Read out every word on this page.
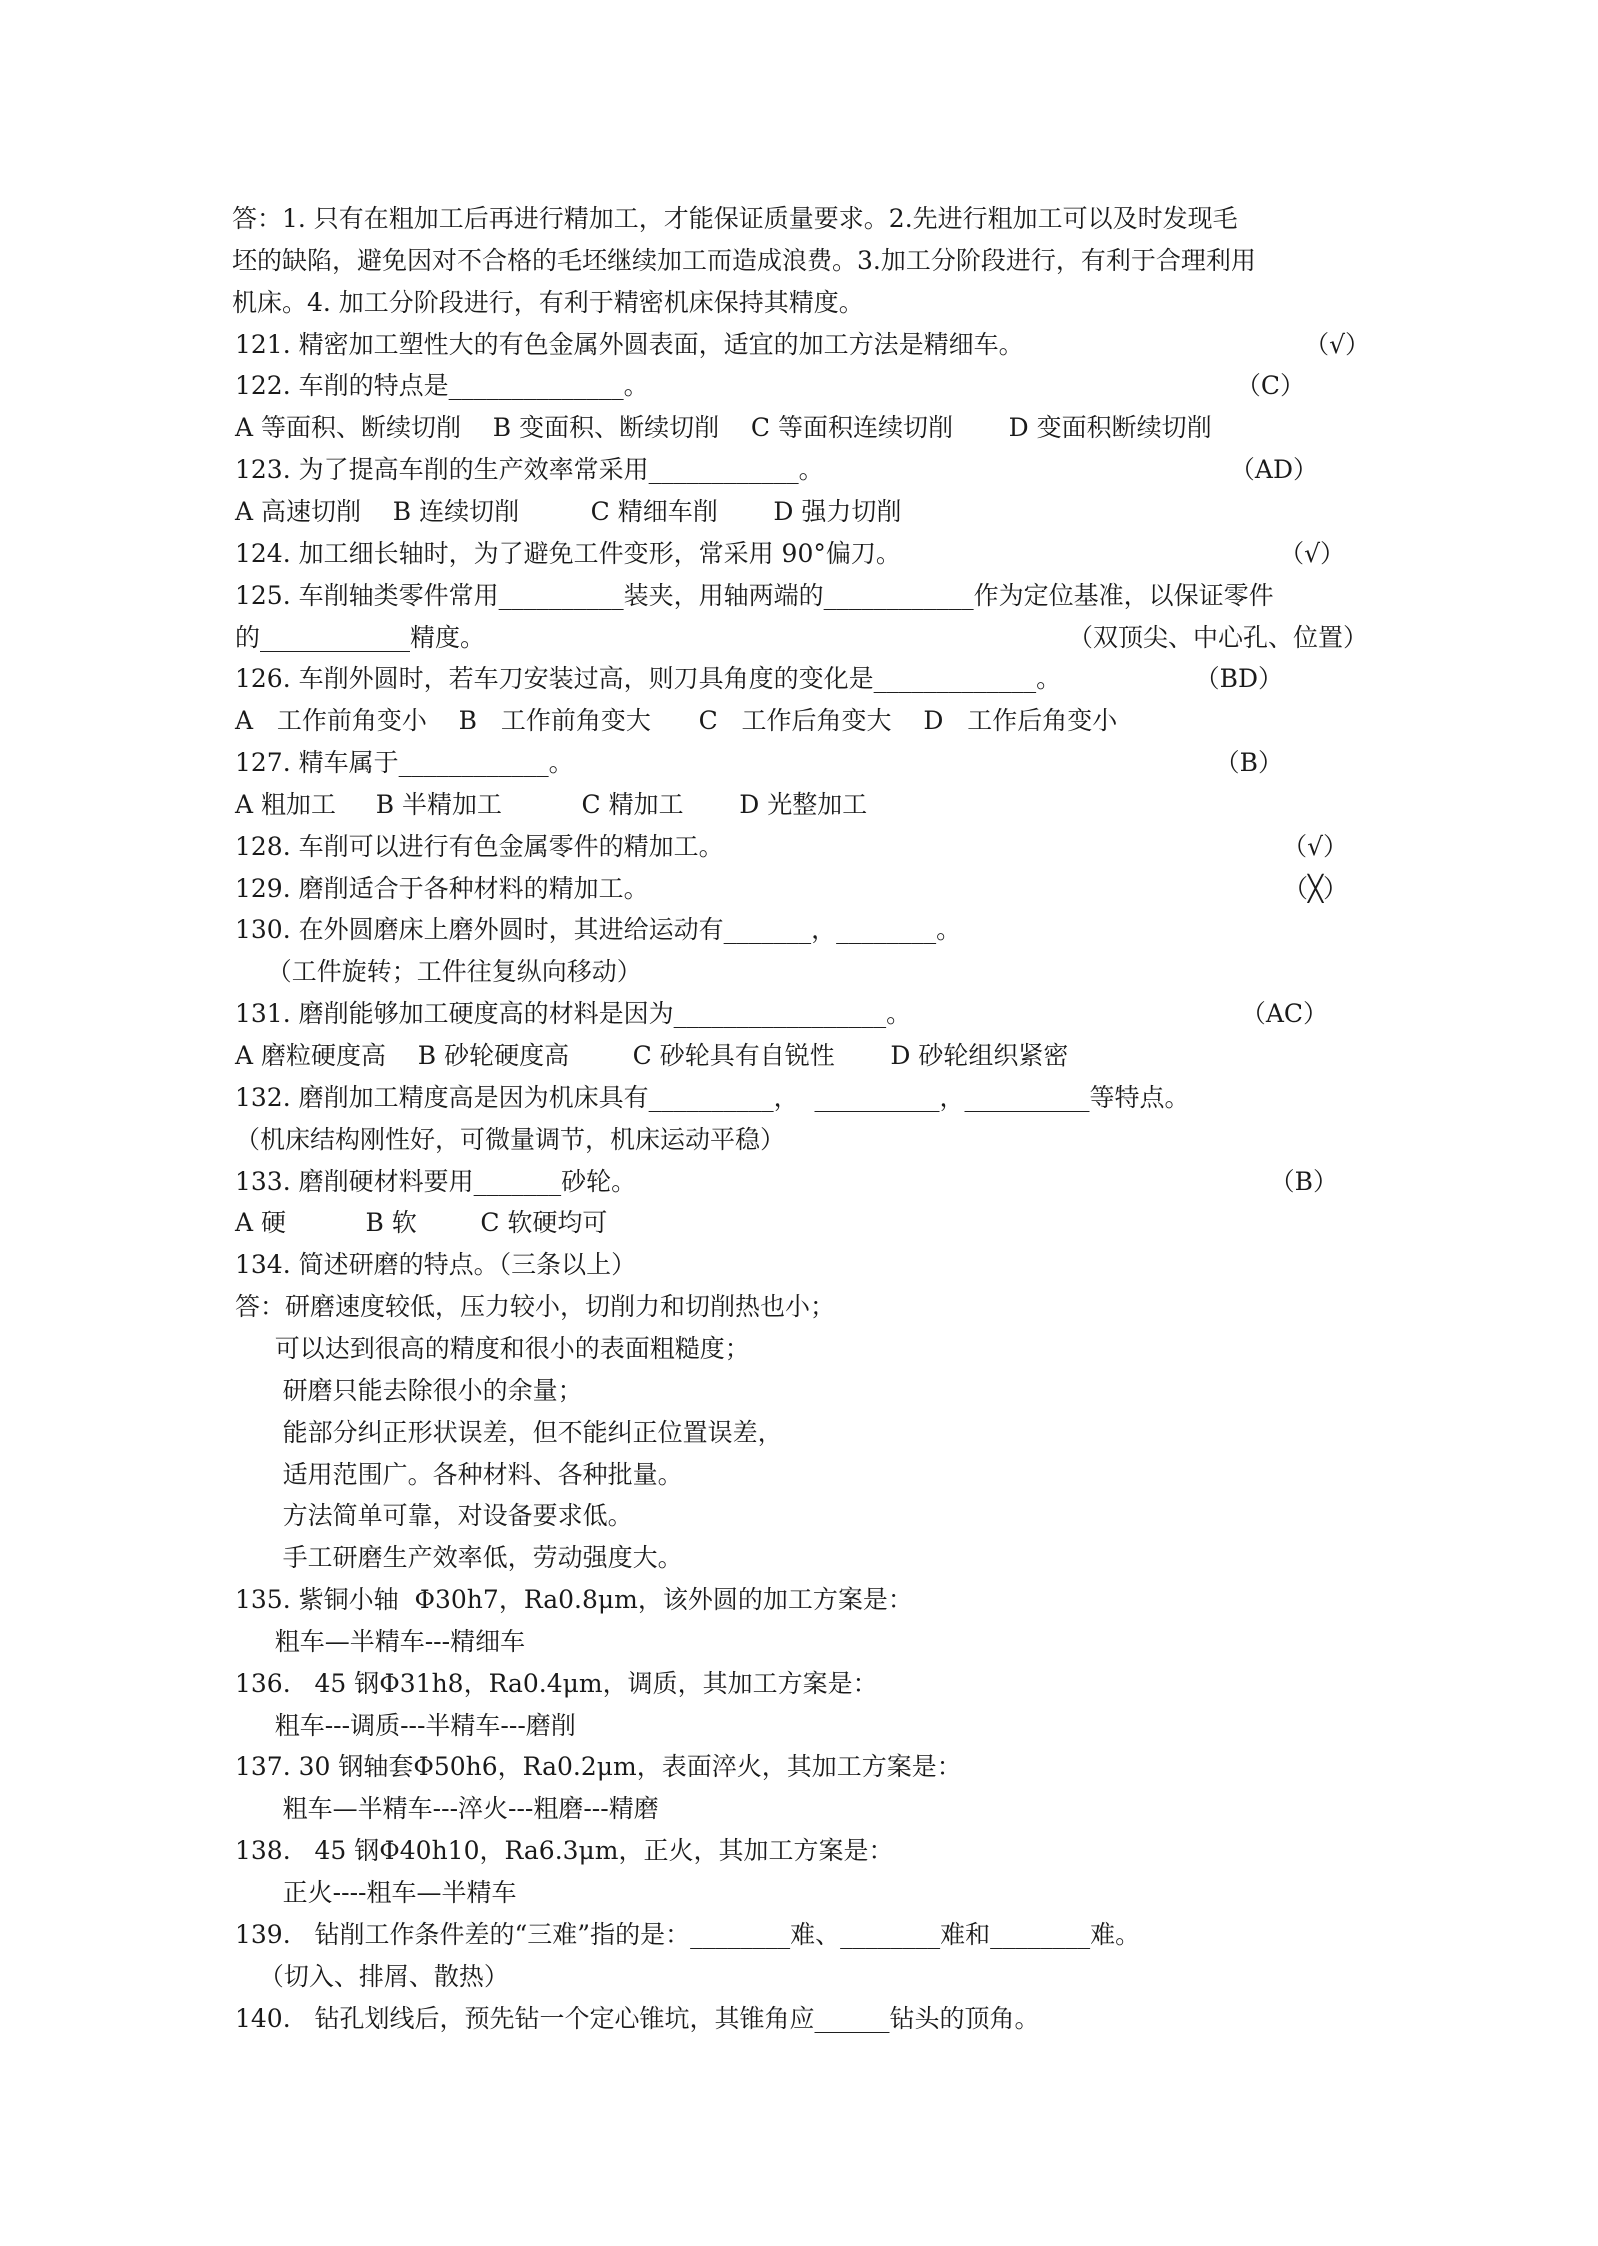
答：1. 只有在粗加工后再进行精加工，才能保证质量要求。2.先进行粗加工可以及时发现毛
坯的缺陷，避免因对不合格的毛坯继续加工而造成浪费。3.加工分阶段进行，有利于合理利用
机床。4. 加工分阶段进行，有利于精密机床保持其精度。
121. 精密加工塑性大的有色金属外圆表面，适宜的加工方法是精细车。	（√）
122. 车削的特点是______________。	（C）
A 等面积、断续切削    B 变面积、断续切削    C 等面积连续切削       D 变面积断续切削
123. 为了提高车削的生产效率常采用____________。	（AD）
A 高速切削    B 连续切削         C 精细车削       D 强力切削
124. 加工细长轴时，为了避免工件变形，常采用 90°偏刀。	（√）
125. 车削轴类零件常用__________装夹，用轴两端的____________作为定位基准，以保证零件
的____________精度。	（双顶尖、中心孔、位置）
126. 车削外圆时，若车刀安装过高，则刀具角度的变化是_____________。	（BD）
A   工作前角变小    B   工作前角变大      C   工作后角变大    D   工作后角变小
127. 精车属于____________。	（B）
A 粗加工     B 半精加工          C 精加工       D 光整加工
128. 车削可以进行有色金属零件的精加工。	（√）
129. 磨削适合于各种材料的精加工。	（╳）
130. 在外圆磨床上磨外圆时，其进给运动有_______，________。
（工件旋转；工件往复纵向移动）
131. 磨削能够加工硬度高的材料是因为_________________。	（AC）
A 磨粒硬度高    B 砂轮硬度高        C 砂轮具有自锐性       D 砂轮组织紧密
132. 磨削加工精度高是因为机床具有__________，  __________，__________等特点。
（机床结构刚性好，可微量调节，机床运动平稳）
133. 磨削硬材料要用_______砂轮。	（B）
A 硬          B 软        C 软硬均可
134. 简述研磨的特点。（三条以上）
答：研磨速度较低，压力较小，切削力和切削热也小；
可以达到很高的精度和很小的表面粗糙度；
研磨只能去除很小的余量；
能部分纠正形状误差，但不能纠正位置误差，
适用范围广。各种材料、各种批量。
方法简单可靠，对设备要求低。
手工研磨生产效率低，劳动强度大。
135. 紫铜小轴  Φ30h7，Ra0.8μm，该外圆的加工方案是：
粗车—半精车---精细车
136.   45 钢Φ31h8，Ra0.4μm，调质，其加工方案是：
粗车---调质---半精车---磨削
137. 30 钢轴套Φ50h6，Ra0.2μm，表面淬火，其加工方案是：
粗车—半精车---淬火---粗磨---精磨
138.   45 钢Φ40h10，Ra6.3μm，正火，其加工方案是：
正火----粗车—半精车
139.   钻削工作条件差的“三难”指的是：________难、________难和________难。
（切入、排屑、散热）
140.   钻孔划线后，预先钻一个定心锥坑，其锥角应______钻头的顶角。
